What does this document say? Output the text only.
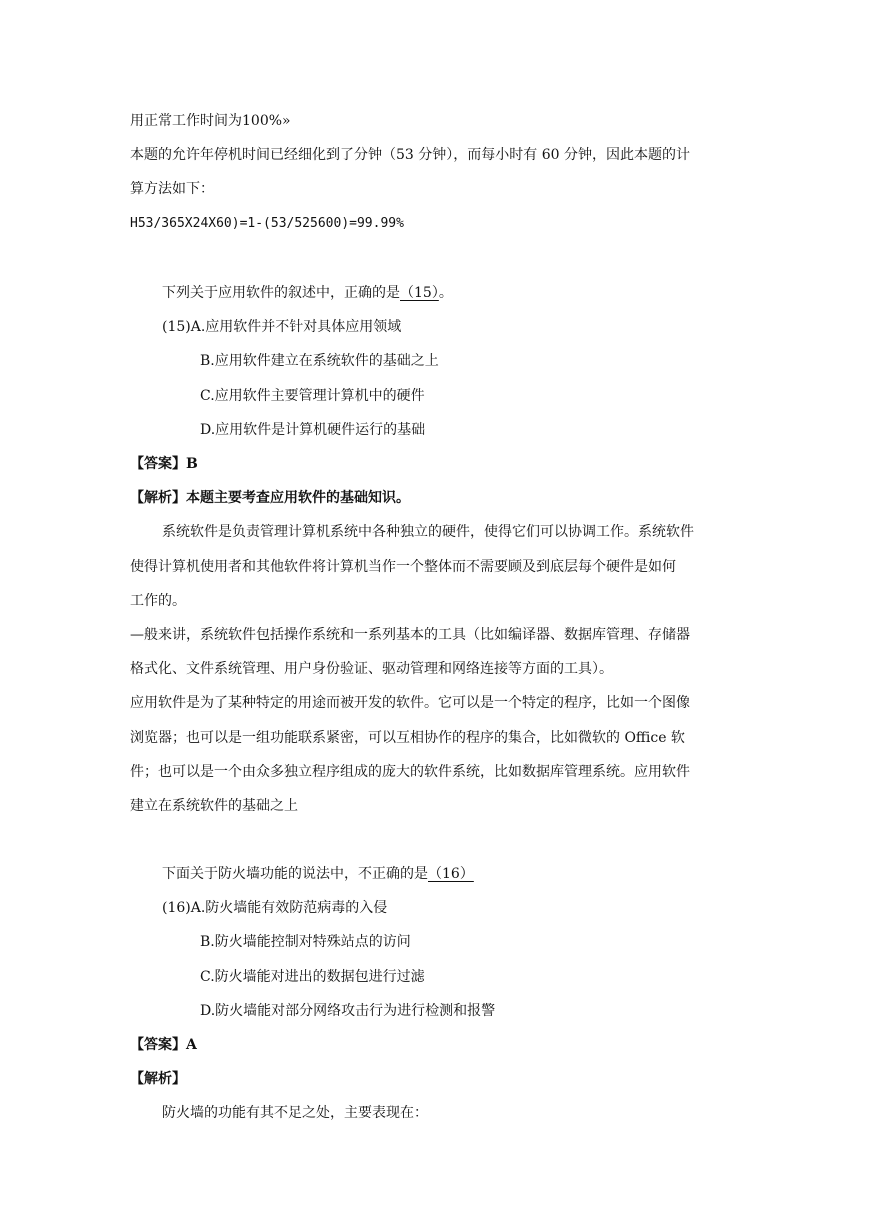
用正常工作时间为100%»
本题的允许年停机时间已经细化到了分钟（53 分钟），而每小时有 60 分钟，因此本题的计
算方法如下：
H53/365X24X60)=1-(53/525600)=99.99%
下列关于应用软件的叙述中，正确的是（15）。
(15)A.应用软件并不针对具体应用领域
B.应用软件建立在系统软件的基础之上
C.应用软件主要管理计算机中的硬件
D.应用软件是计算机硬件运行的基础
【答案】B
【解析】本题主要考查应用软件的基础知识。
系统软件是负责管理计算机系统中各种独立的硬件，使得它们可以协调工作。系统软件
使得计算机使用者和其他软件将计算机当作一个整体而不需要顾及到底层每个硬件是如何
工作的。
—般来讲，系统软件包括操作系统和一系列基本的工具（比如编译器、数据库管理、存储器
格式化、文件系统管理、用户身份验证、驱动管理和网络连接等方面的工具）。
应用软件是为了某种特定的用途而被开发的软件。它可以是一个特定的程序，比如一个图像
浏览器；也可以是一组功能联系紧密，可以互相协作的程序的集合，比如微软的 Office 软
件；也可以是一个由众多独立程序组成的庞大的软件系统，比如数据库管理系统。应用软件
建立在系统软件的基础之上
下面关于防火墙功能的说法中，不正确的是（16）
(16)A.防火墙能有效防范病毒的入侵
B.防火墙能控制对特殊站点的访问
C.防火墙能对进出的数据包进行过滤
D.防火墙能对部分网络攻击行为进行检测和报警
【答案】A
【解析】
防火墙的功能有其不足之处，主要表现在：
